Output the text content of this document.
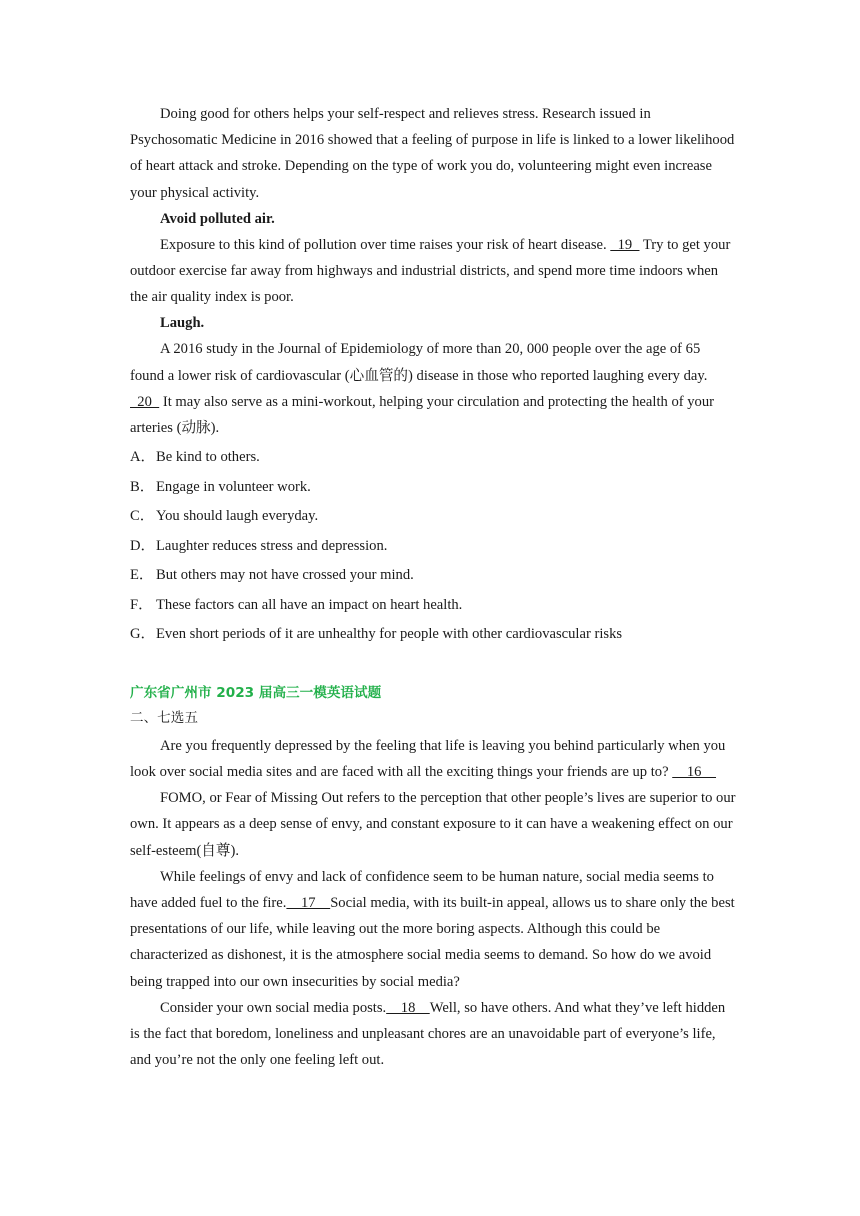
Doing good for others helps your self-respect and relieves stress. Research issued in Psychosomatic Medicine in 2016 showed that a feeling of purpose in life is linked to a lower likelihood of heart attack and stroke. Depending on the type of work you do, volunteering might even increase your physical activity.

Avoid polluted air.

Exposure to this kind of pollution over time raises your risk of heart disease.   19   Try to get your outdoor exercise far away from highways and industrial districts, and spend more time indoors when the air quality index is poor.

Laugh.

A 2016 study in the Journal of Epidemiology of more than 20, 000 people over the age of 65 found a lower risk of cardiovascular (心血管的) disease in those who reported laughing every day.   20   It may also serve as a mini-workout, helping your circulation and protecting the health of your arteries (动脉).

A．Be kind to others.

B． Engage in volunteer work.

C． You should laugh everyday.

D．Laughter reduces stress and depression.

E． But others may not have crossed your mind.

F． These factors can all have an impact on heart health.

G．Even short periods of it are unhealthy for people with other cardiovascular risks

广东省广州市 2023 届高三一模英语试题

二、七选五

Are you frequently depressed by the feeling that life is leaving you behind particularly when you look over social media sites and are faced with all the exciting things your friends are up to?     16

FOMO, or Fear of Missing Out refers to the perception that other people’s lives are superior to our own. It appears as a deep sense of envy, and constant exposure to it can have a weakening effect on our self-esteem(自尊).

While feelings of envy and lack of confidence seem to be human nature, social media seems to have added fuel to the fire.    17    Social media, with its built-in appeal, allows us to share only the best presentations of our life, while leaving out the more boring aspects. Although this could be characterized as dishonest, it is the atmosphere social media seems to demand. So how do we avoid being trapped into our own insecurities by social media?

Consider your own social media posts.    18    Well, so have others. And what they’ve left hidden is the fact that boredom, loneliness and unpleasant chores are an unavoidable part of everyone’s life, and you’re not the only one feeling left out.
